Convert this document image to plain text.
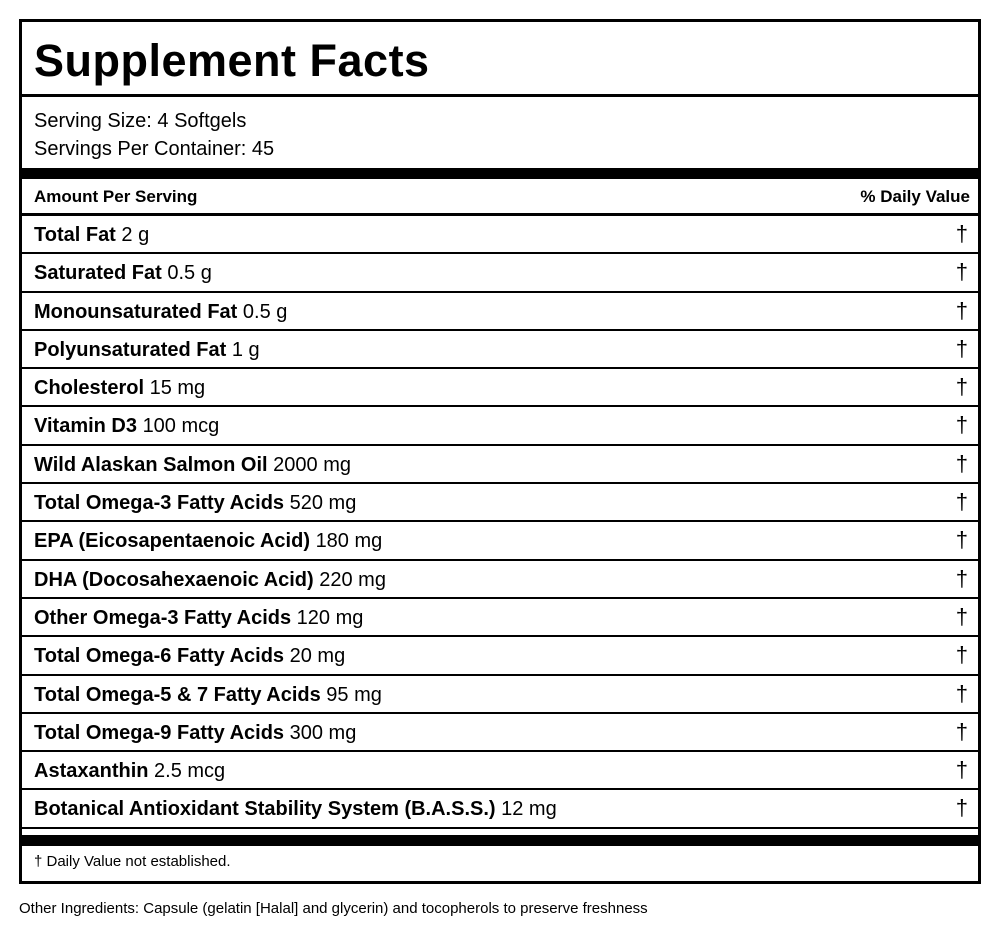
Supplement Facts
Serving Size: 4 Softgels
Servings Per Container: 45
Amount Per Serving	% Daily Value
Total Fat 2 g	†
Saturated Fat 0.5 g	†
Monounsaturated Fat 0.5 g	†
Polyunsaturated Fat 1 g	†
Cholesterol 15 mg	†
Vitamin D3 100 mcg	†
Wild Alaskan Salmon Oil 2000 mg	†
Total Omega-3 Fatty Acids 520 mg	†
EPA (Eicosapentaenoic Acid) 180 mg	†
DHA (Docosahexaenoic Acid) 220 mg	†
Other Omega-3 Fatty Acids 120 mg	†
Total Omega-6 Fatty Acids 20 mg	†
Total Omega-5 & 7 Fatty Acids 95 mg	†
Total Omega-9 Fatty Acids 300 mg	†
Astaxanthin 2.5 mcg	†
Botanical Antioxidant Stability System (B.A.S.S.) 12 mg	†
† Daily Value not established.
Other Ingredients: Capsule (gelatin [Halal] and glycerin) and tocopherols to preserve freshness
